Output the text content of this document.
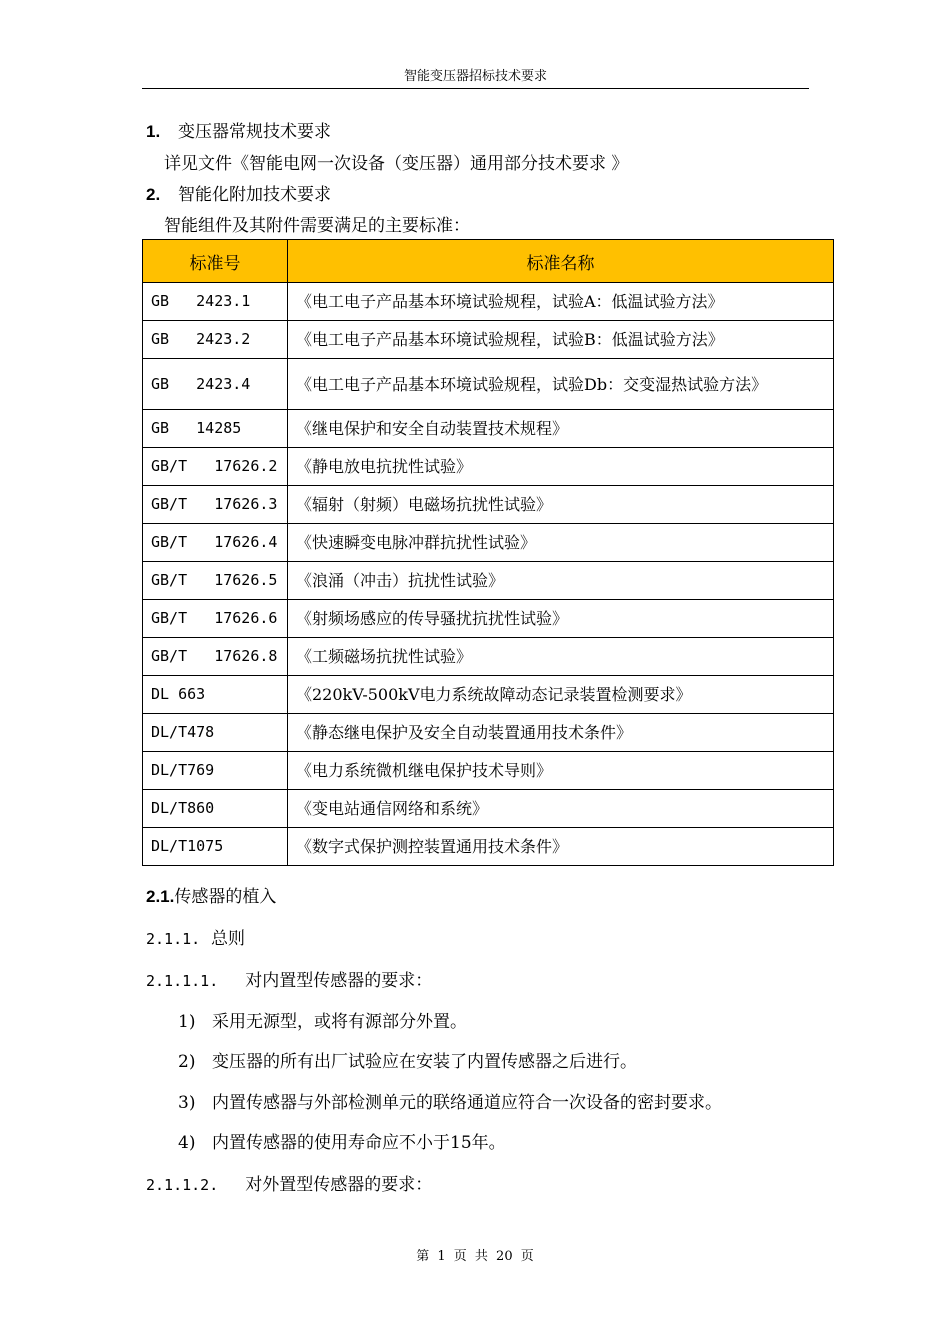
智能变压器招标技术要求
1. 变压器常规技术要求
详见文件《智能电网一次设备（变压器）通用部分技术要求 》
2. 智能化附加技术要求
智能组件及其附件需要满足的主要标准：
标准号	标准名称
GB   2423.1	《电工电子产品基本环境试验规程，试验A：低温试验方法》
GB   2423.2	《电工电子产品基本环境试验规程，试验B：低温试验方法》
GB   2423.4	《电工电子产品基本环境试验规程，试验Db：交变湿热试验方法》
GB   14285	《继电保护和安全自动装置技术规程》
GB/T   17626.2	《静电放电抗扰性试验》
GB/T   17626.3	《辐射（射频）电磁场抗扰性试验》
GB/T   17626.4	《快速瞬变电脉冲群抗扰性试验》
GB/T   17626.5	《浪涌（冲击）抗扰性试验》
GB/T   17626.6	《射频场感应的传导骚扰抗扰性试验》
GB/T   17626.8	《工频磁场抗扰性试验》
DL 663	《220kV-500kV电力系统故障动态记录装置检测要求》
DL/T478	《静态继电保护及安全自动装置通用技术条件》
DL/T769	《电力系统微机继电保护技术导则》
DL/T860	《变电站通信网络和系统》
DL/T1075	《数字式保护测控装置通用技术条件》
2.1.传感器的植入
2.1.1. 总则
2.1.1.1. 对内置型传感器的要求：
1) 采用无源型，或将有源部分外置。
2) 变压器的所有出厂试验应在安装了内置传感器之后进行。
3) 内置传感器与外部检测单元的联络通道应符合一次设备的密封要求。
4) 内置传感器的使用寿命应不小于15年。
2.1.1.2. 对外置型传感器的要求：
第 1 页 共 20 页
